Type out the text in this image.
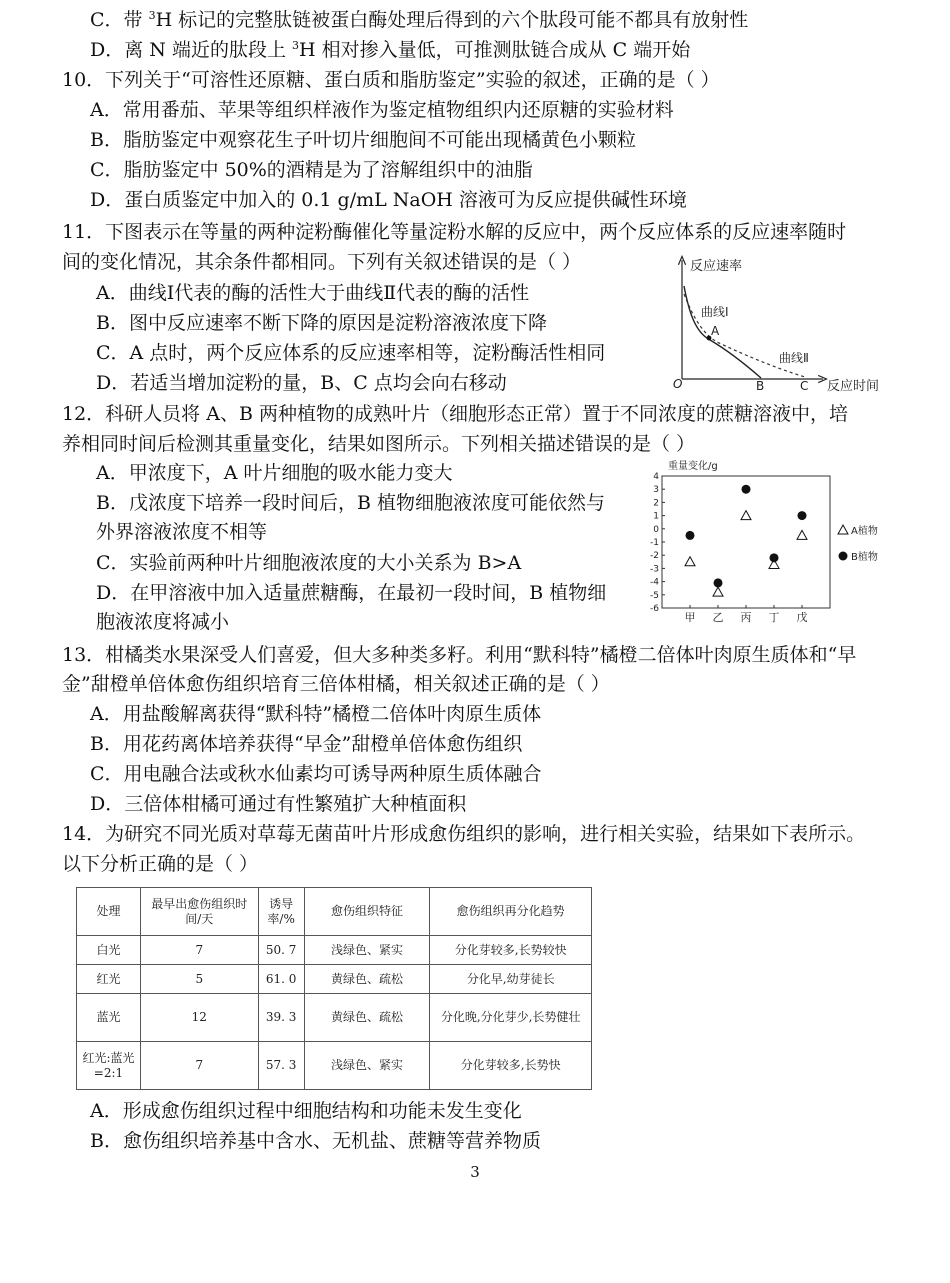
C．带 $^3$H 标记的完整肽链被蛋白酶处理后得到的六个肽段可能不都具有放射性
D．离 N 端近的肽段上 $^3$H 相对掺入量低，可推测肽链合成从 C 端开始
10．下列关于“可溶性还原糖、蛋白质和脂肪鉴定”实验的叙述，正确的是（ ）
A．常用番茄、苹果等组织样液作为鉴定植物组织内还原糖的实验材料
B．脂肪鉴定中观察花生子叶切片细胞间不可能出现橘黄色小颗粒
C．脂肪鉴定中 50%的酒精是为了溶解组织中的油脂
D．蛋白质鉴定中加入的 0.1 g/mL NaOH 溶液可为反应提供碱性环境
11．下图表示在等量的两种淀粉酶催化等量淀粉水解的反应中，两个反应体系的反应速率随时
间的变化情况，其余条件都相同。下列有关叙述错误的是（ ）
A．曲线Ⅰ代表的酶的活性大于曲线Ⅱ代表的酶的活性
B．图中反应速率不断下降的原因是淀粉溶液浓度下降
C．A 点时，两个反应体系的反应速率相等，淀粉酶活性相同
D．若适当增加淀粉的量，B、C 点均会向右移动
反应速率
反应时间
O
A
曲线Ⅰ
曲线Ⅱ
B	C
12．科研人员将 A、B 两种植物的成熟叶片（细胞形态正常）置于不同浓度的蔗糖溶液中，培
养相同时间后检测其重量变化，结果如图所示。下列相关描述错误的是（ ）
A．甲浓度下，A 叶片细胞的吸水能力变大
B．戊浓度下培养一段时间后，B 植物细胞液浓度可能依然与
外界溶液浓度不相等
C．实验前两种叶片细胞液浓度的大小关系为 B>A
D．在甲溶液中加入适量蔗糖酶，在最初一段时间，B 植物细
胞液浓度将减小
重量变化/g
4
3
2
1
0
-1
-2
-3
-4
-5
-6
甲 乙 丙 丁 戊
A植物
B植物
13．柑橘类水果深受人们喜爱，但大多种类多籽。利用“默科特”橘橙二倍体叶肉原生质体和“早
金”甜橙单倍体愈伤组织培育三倍体柑橘，相关叙述正确的是（ ）
A．用盐酸解离获得“默科特”橘橙二倍体叶肉原生质体
B．用花药离体培养获得“早金”甜橙单倍体愈伤组织
C．用电融合法或秋水仙素均可诱导两种原生质体融合
D．三倍体柑橘可通过有性繁殖扩大种植面积
14．为研究不同光质对草莓无菌苗叶片形成愈伤组织的影响，进行相关实验，结果如下表所示。
以下分析正确的是（ ）
处理	最早出愈伤组织时间/天	诱导率/%	愈伤组织特征	愈伤组织再分化趋势
白光	7	50. 7	浅绿色、紧实	分化芽较多,长势较快
红光	5	61. 0	黄绿色、疏松	分化早,幼芽徒长
蓝光	12	39. 3	黄绿色、疏松	分化晚,分化芽少,长势健壮
红光:蓝光=2:1	7	57. 3	浅绿色、紧实	分化芽较多,长势快
A．形成愈伤组织过程中细胞结构和功能未发生变化
B．愈伤组织培养基中含水、无机盐、蔗糖等营养物质
3
